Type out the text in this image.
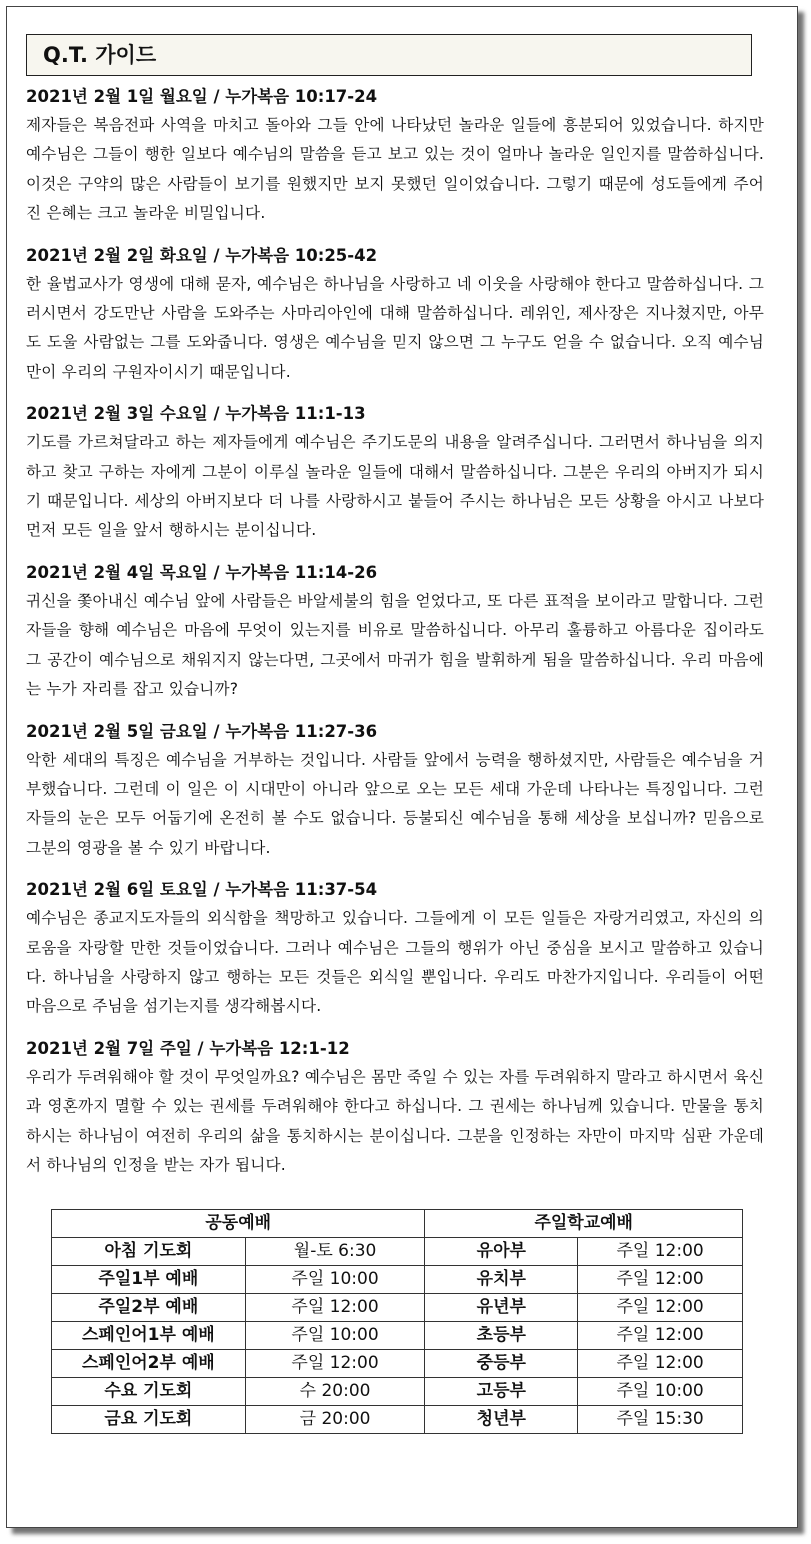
Q.T. 가이드
2021년 2월 1일 월요일 / 누가복음 10:17-24
제자들은 복음전파 사역을 마치고 돌아와 그들 안에 나타났던 놀라운 일들에 흥분되어 있었습니다. 하지만 예수님은 그들이 행한 일보다 예수님의 말씀을 듣고 보고 있는 것이 얼마나 놀라운 일인지를 말씀하십니다. 이것은 구약의 많은 사람들이 보기를 원했지만 보지 못했던 일이었습니다. 그렇기 때문에 성도들에게 주어진 은혜는 크고 놀라운 비밀입니다.
2021년 2월 2일 화요일 / 누가복음 10:25-42
한 율법교사가 영생에 대해 묻자, 예수님은 하나님을 사랑하고 네 이웃을 사랑해야 한다고 말씀하십니다. 그러시면서 강도만난 사람을 도와주는 사마리아인에 대해 말씀하십니다. 레위인, 제사장은 지나쳤지만, 아무도 도울 사람없는 그를 도와줍니다. 영생은 예수님을 믿지 않으면 그 누구도 얻을 수 없습니다. 오직 예수님만이 우리의 구원자이시기 때문입니다.
2021년 2월 3일 수요일 / 누가복음 11:1-13
기도를 가르쳐달라고 하는 제자들에게 예수님은 주기도문의 내용을 알려주십니다. 그러면서 하나님을 의지하고 찾고 구하는 자에게 그분이 이루실 놀라운 일들에 대해서 말씀하십니다. 그분은 우리의 아버지가 되시기 때문입니다. 세상의 아버지보다 더 나를 사랑하시고 붙들어 주시는 하나님은 모든 상황을 아시고 나보다 먼저 모든 일을 앞서 행하시는 분이십니다.
2021년 2월 4일 목요일 / 누가복음 11:14-26
귀신을 쫓아내신 예수님 앞에 사람들은 바알세불의 힘을 얻었다고, 또 다른 표적을 보이라고 말합니다. 그런 자들을 향해 예수님은 마음에 무엇이 있는지를 비유로 말씀하십니다. 아무리 훌륭하고 아름다운 집이라도 그 공간이 예수님으로 채워지지 않는다면, 그곳에서 마귀가 힘을 발휘하게 됨을 말씀하십니다. 우리 마음에는 누가 자리를 잡고 있습니까?
2021년 2월 5일 금요일 / 누가복음 11:27-36
악한 세대의 특징은 예수님을 거부하는 것입니다. 사람들 앞에서 능력을 행하셨지만, 사람들은 예수님을 거부했습니다. 그런데 이 일은 이 시대만이 아니라 앞으로 오는 모든 세대 가운데 나타나는 특징입니다. 그런 자들의 눈은 모두 어둡기에 온전히 볼 수도 없습니다. 등불되신 예수님을 통해 세상을 보십니까? 믿음으로 그분의 영광을 볼 수 있기 바랍니다.
2021년 2월 6일 토요일 / 누가복음 11:37-54
예수님은 종교지도자들의 외식함을 책망하고 있습니다. 그들에게 이 모든 일들은 자랑거리였고, 자신의 의로움을 자랑할 만한 것들이었습니다. 그러나 예수님은 그들의 행위가 아닌 중심을 보시고 말씀하고 있습니다. 하나님을 사랑하지 않고 행하는 모든 것들은 외식일 뿐입니다. 우리도 마찬가지입니다. 우리들이 어떤 마음으로 주님을 섬기는지를 생각해봅시다.
2021년 2월 7일 주일 / 누가복음 12:1-12
우리가 두려워해야 할 것이 무엇일까요? 예수님은 몸만 죽일 수 있는 자를 두려워하지 말라고 하시면서 육신과 영혼까지 멸할 수 있는 권세를 두려워해야 한다고 하십니다. 그 권세는 하나님께 있습니다. 만물을 통치하시는 하나님이 여전히 우리의 삶을 통치하시는 분이십니다. 그분을 인정하는 자만이 마지막 심판 가운데서 하나님의 인정을 받는 자가 됩니다.
공동예배		주일학교예배	
아침 기도회	월-토 6:30	유아부	주일 12:00
주일1부 예배	주일 10:00	유치부	주일 12:00
주일2부 예배	주일 12:00	유년부	주일 12:00
스페인어1부 예배	주일 10:00	초등부	주일 12:00
스페인어2부 예배	주일 12:00	중등부	주일 12:00
수요 기도회	수 20:00	고등부	주일 10:00
금요 기도회	금 20:00	청년부	주일 15:30
